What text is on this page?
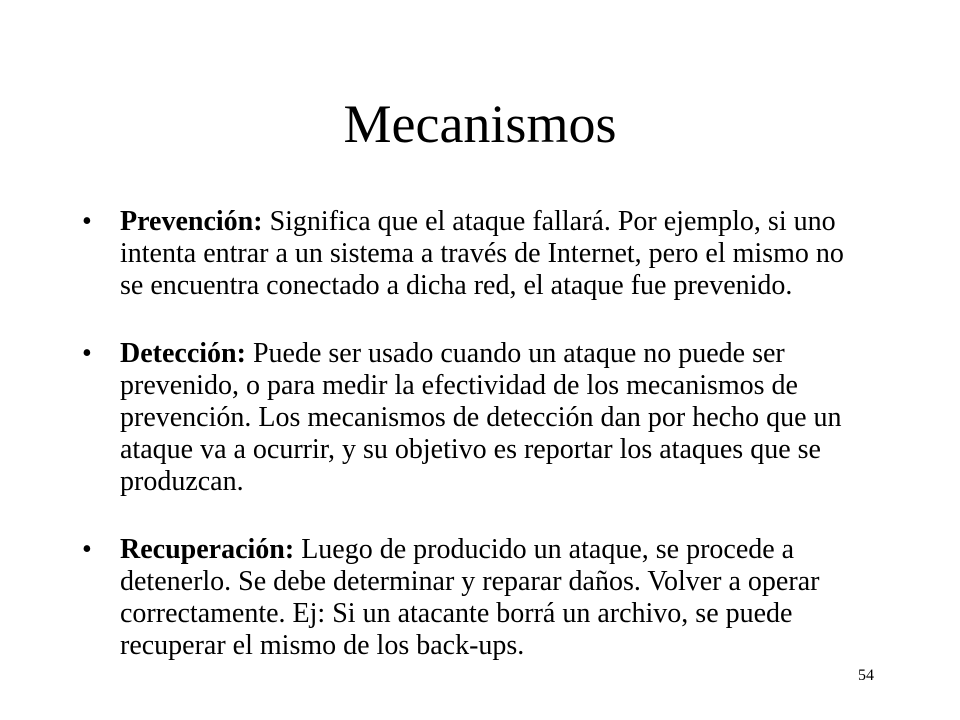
Mecanismos
•	Prevención: Significa que el ataque fallará. Por ejemplo, si uno intenta entrar a un sistema a través de Internet, pero el mismo no se encuentra conectado a dicha red, el ataque fue prevenido.
•	Detección: Puede ser usado cuando un ataque no puede ser prevenido, o para medir la efectividad de los mecanismos de prevención. Los mecanismos de detección dan por hecho que un ataque va a ocurrir, y su objetivo es reportar los ataques que se produzcan.
•	Recuperación: Luego de producido un ataque, se procede a detenerlo. Se debe determinar y reparar daños. Volver a operar correctamente. Ej: Si un atacante borrá un archivo, se puede recuperar el mismo de los back-ups.
54
